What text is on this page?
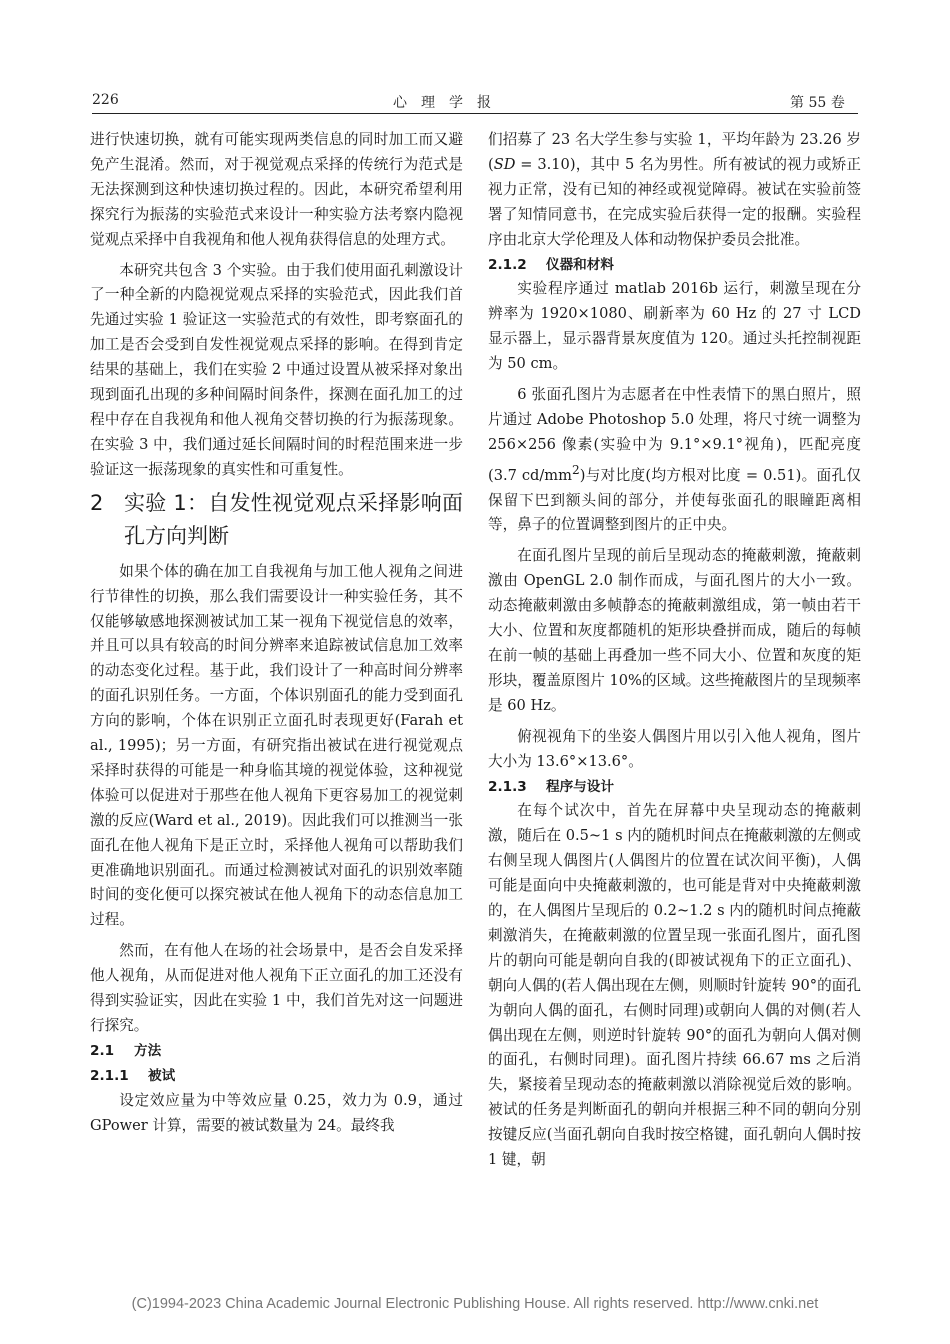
226	心　理　学　报	第 55 卷

进行快速切换，就有可能实现两类信息的同时加工而又避免产生混淆。然而，对于视觉观点采择的传统行为范式是无法探测到这种快速切换过程的。因此，本研究希望利用探究行为振荡的实验范式来设计一种实验方法考察内隐视觉观点采择中自我视角和他人视角获得信息的处理方式。

本研究共包含 3 个实验。由于我们使用面孔刺激设计了一种全新的内隐视觉观点采择的实验范式，因此我们首先通过实验 1 验证这一实验范式的有效性，即考察面孔的加工是否会受到自发性视觉观点采择的影响。在得到肯定结果的基础上，我们在实验 2 中通过设置从被采择对象出现到面孔出现的多种间隔时间条件，探测在面孔加工的过程中存在自我视角和他人视角交替切换的行为振荡现象。在实验 3 中，我们通过延长间隔时间的时程范围来进一步验证这一振荡现象的真实性和可重复性。

2 实验 1：自发性视觉观点采择影响面孔方向判断

如果个体的确在加工自我视角与加工他人视角之间进行节律性的切换，那么我们需要设计一种实验任务，其不仅能够敏感地探测被试加工某一视角下视觉信息的效率，并且可以具有较高的时间分辨率来追踪被试信息加工效率的动态变化过程。基于此，我们设计了一种高时间分辨率的面孔识别任务。一方面，个体识别面孔的能力受到面孔方向的影响，个体在识别正立面孔时表现更好(Farah et al., 1995)；另一方面，有研究指出被试在进行视觉观点采择时获得的可能是一种身临其境的视觉体验，这种视觉体验可以促进对于那些在他人视角下更容易加工的视觉刺激的反应(Ward et al., 2019)。因此我们可以推测当一张面孔在他人视角下是正立时，采择他人视角可以帮助我们更准确地识别面孔。而通过检测被试对面孔的识别效率随时间的变化便可以探究被试在他人视角下的动态信息加工过程。

然而，在有他人在场的社会场景中，是否会自发采择他人视角，从而促进对他人视角下正立面孔的加工还没有得到实验证实，因此在实验 1 中，我们首先对这一问题进行探究。

2.1 方法
2.1.1 被试

设定效应量为中等效应量 0.25，效力为 0.9，通过 GPower 计算，需要的被试数量为 24。最终我

们招募了 23 名大学生参与实验 1，平均年龄为 23.26 岁(SD = 3.10)，其中 5 名为男性。所有被试的视力或矫正视力正常，没有已知的神经或视觉障碍。被试在实验前签署了知情同意书，在完成实验后获得一定的报酬。实验程序由北京大学伦理及人体和动物保护委员会批准。

2.1.2 仪器和材料

实验程序通过 matlab 2016b 运行，刺激呈现在分辨率为 1920×1080、刷新率为 60 Hz 的 27 寸 LCD 显示器上，显示器背景灰度值为 120。通过头托控制视距为 50 cm。

6 张面孔图片为志愿者在中性表情下的黑白照片，照片通过 Adobe Photoshop 5.0 处理，将尺寸统一调整为 256×256 像素(实验中为 9.1°×9.1°视角)，匹配亮度(3.7 $cd/mm^2$)与对比度(均方根对比度 = 0.51)。面孔仅保留下巴到额头间的部分，并使每张面孔的眼瞳距离相等，鼻子的位置调整到图片的正中央。

在面孔图片呈现的前后呈现动态的掩蔽刺激，掩蔽刺激由 OpenGL 2.0 制作而成，与面孔图片的大小一致。动态掩蔽刺激由多帧静态的掩蔽刺激组成，第一帧由若干大小、位置和灰度都随机的矩形块叠拼而成，随后的每帧在前一帧的基础上再叠加一些不同大小、位置和灰度的矩形块，覆盖原图片 10%的区域。这些掩蔽图片的呈现频率是 60 Hz。

俯视视角下的坐姿人偶图片用以引入他人视角，图片大小为 13.6°×13.6°。

2.1.3 程序与设计

在每个试次中，首先在屏幕中央呈现动态的掩蔽刺激，随后在 0.5~1 s 内的随机时间点在掩蔽刺激的左侧或右侧呈现人偶图片(人偶图片的位置在试次间平衡)，人偶可能是面向中央掩蔽刺激的，也可能是背对中央掩蔽刺激的，在人偶图片呈现后的 0.2~1.2 s 内的随机时间点掩蔽刺激消失，在掩蔽刺激的位置呈现一张面孔图片，面孔图片的朝向可能是朝向自我的(即被试视角下的正立面孔)、朝向人偶的(若人偶出现在左侧，则顺时针旋转 90°的面孔为朝向人偶的面孔，右侧时同理)或朝向人偶的对侧(若人偶出现在左侧，则逆时针旋转 90°的面孔为朝向人偶对侧的面孔，右侧时同理)。面孔图片持续 66.67 ms 之后消失，紧接着呈现动态的掩蔽刺激以消除视觉后效的影响。被试的任务是判断面孔的朝向并根据三种不同的朝向分别按键反应(当面孔朝向自我时按空格键，面孔朝向人偶时按 1 键，朝

(C)1994-2023 China Academic Journal Electronic Publishing House. All rights reserved. http://www.cnki.net
